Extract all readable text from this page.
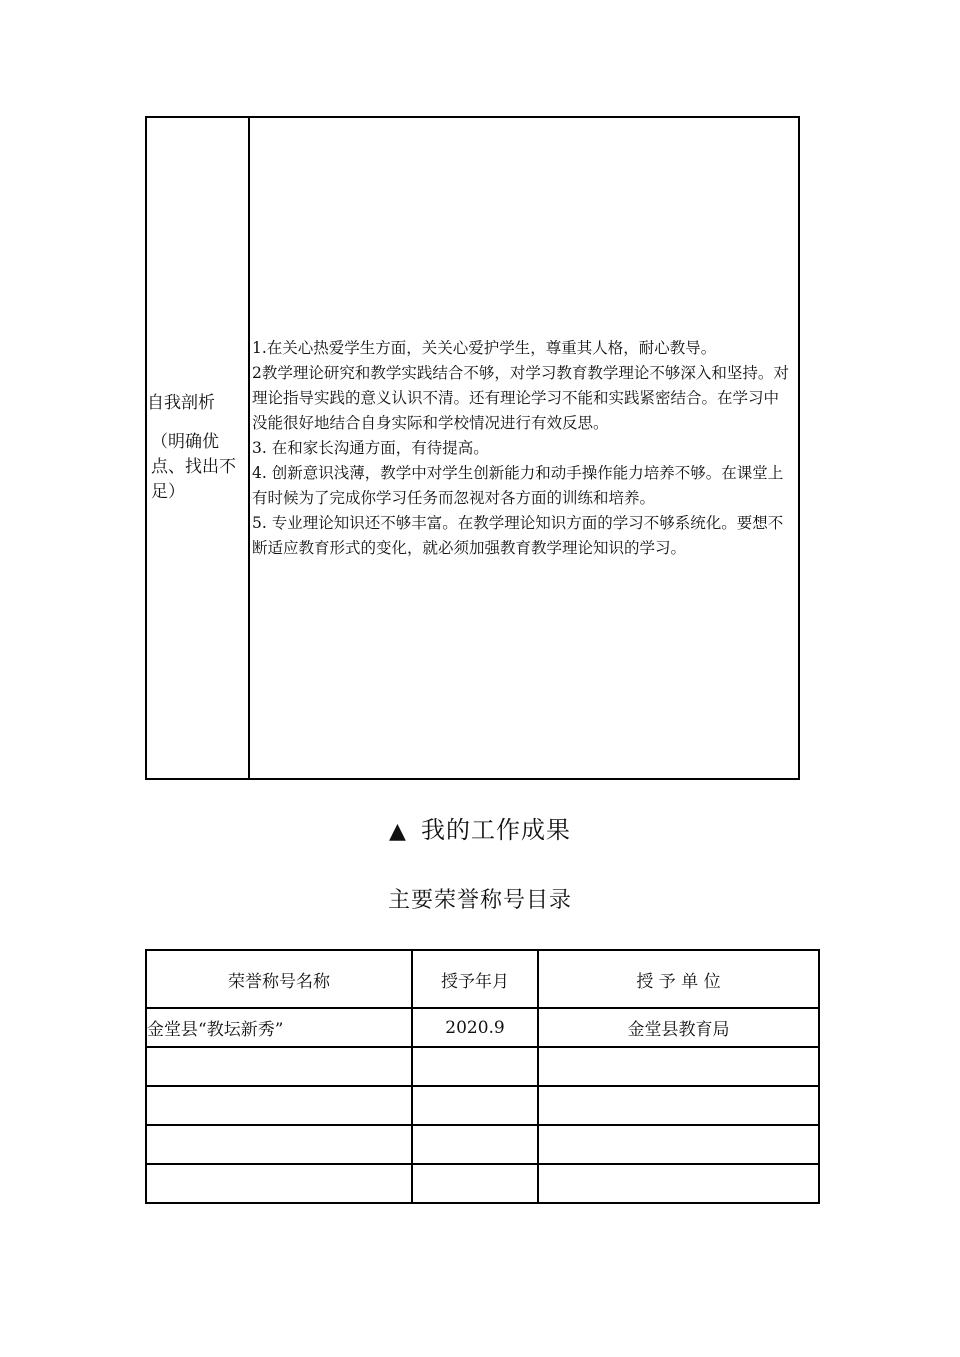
自我剖析
（明确优点、找出不足）

1.在关心热爱学生方面，关关心爱护学生，尊重其人格，耐心教导。

2教学理论研究和教学实践结合不够，对学习教育教学理论不够深入和坚持。对理论指导实践的意义认识不清。还有理论学习不能和实践紧密结合。在学习中没能很好地结合自身实际和学校情况进行有效反思。

3. 在和家长沟通方面，有待提高。

4. 创新意识浅薄，教学中对学生创新能力和动手操作能力培养不够。在课堂上有时候为了完成你学习任务而忽视对各方面的训练和培养。

5. 专业理论知识还不够丰富。在教学理论知识方面的学习不够系统化。要想不断适应教育形式的变化，就必须加强教育教学理论知识的学习。

▲ 我的工作成果
主要荣誉称号目录
荣誉称号名称	授予年月	授 予 单 位
金堂县“教坛新秀”	2020.9	金堂县教育局
